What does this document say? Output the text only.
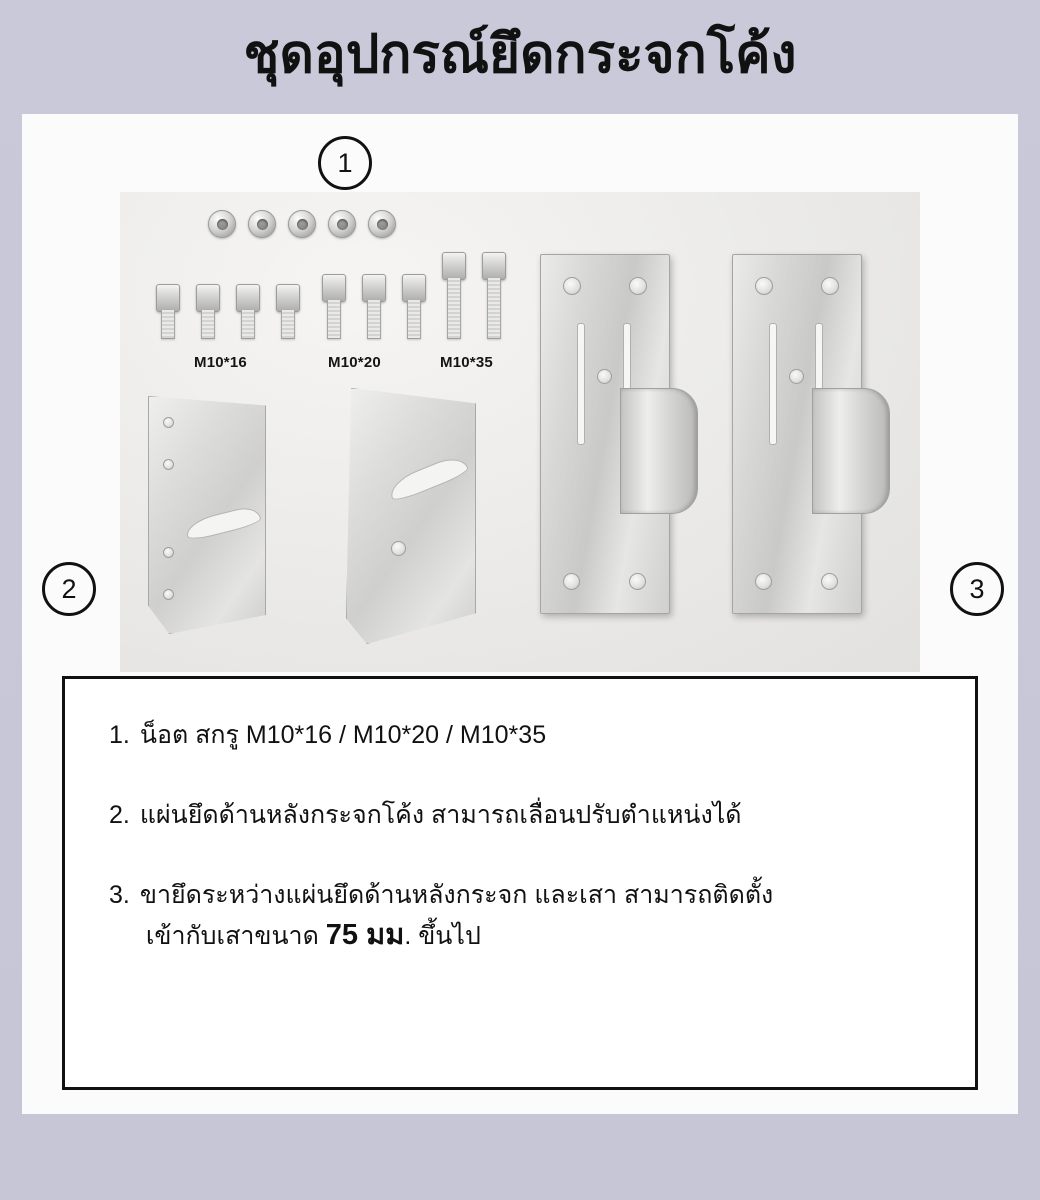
ชุดอุปกรณ์ยึดกระจกโค้ง
M10*16	M10*20	M10*35
1
2	3
1. น็อต สกรู M10*16 / M10*20 / M10*35
2. แผ่นยึดด้านหลังกระจกโค้ง สามารถเลื่อนปรับตำแหน่งได้
3. ขายึดระหว่างแผ่นยึดด้านหลังกระจก และเสา สามารถติดตั้ง
เข้ากับเสาขนาด 75 มม. ขึ้นไป
